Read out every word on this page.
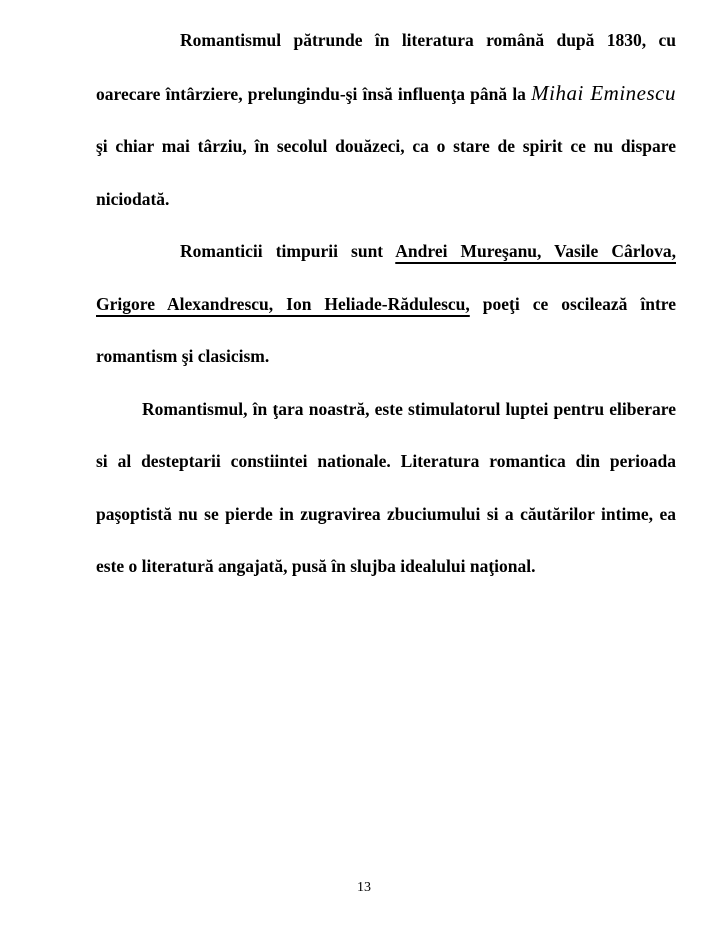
Romantismul pătrunde în literatura română după 1830, cu oarecare întârziere, prelungindu-şi însă influenţa până la Mihai Eminescu şi chiar mai târziu, în secolul douăzeci, ca o stare de spirit ce nu dispare niciodată.

Romanticii timpurii sunt Andrei Mureşanu, Vasile Cârlova, Grigore Alexandrescu, Ion Heliade-Rădulescu, poeţi ce oscilează între romantism şi clasicism.

Romantismul, în ţara noastră, este stimulatorul luptei pentru eliberare si al desteptarii constiintei nationale. Literatura romantica din perioada paşoptistă nu se pierde in zugravirea zbuciumului si a căutărilor intime, ea este o literatură angajată, pusă în slujba idealului naţional.

13
